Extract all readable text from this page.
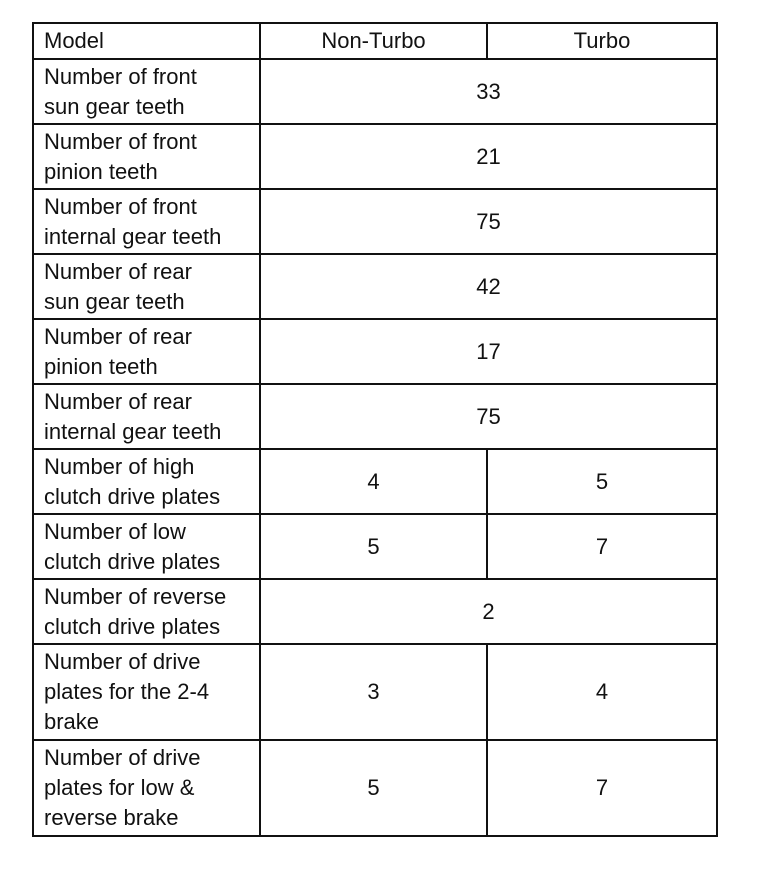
Model	Non-Turbo	Turbo
Number of front
sun gear teeth	33	
Number of front
pinion teeth	21	
Number of front
internal gear teeth	75	
Number of rear
sun gear teeth	42	
Number of rear
pinion teeth	17	
Number of rear
internal gear teeth	75	
Number of high
clutch drive plates	4	5
Number of low
clutch drive plates	5	7
Number of reverse
clutch drive plates	2	
Number of drive
plates for the 2-4
brake	3	4
Number of drive
plates for low &
reverse brake	5	7
